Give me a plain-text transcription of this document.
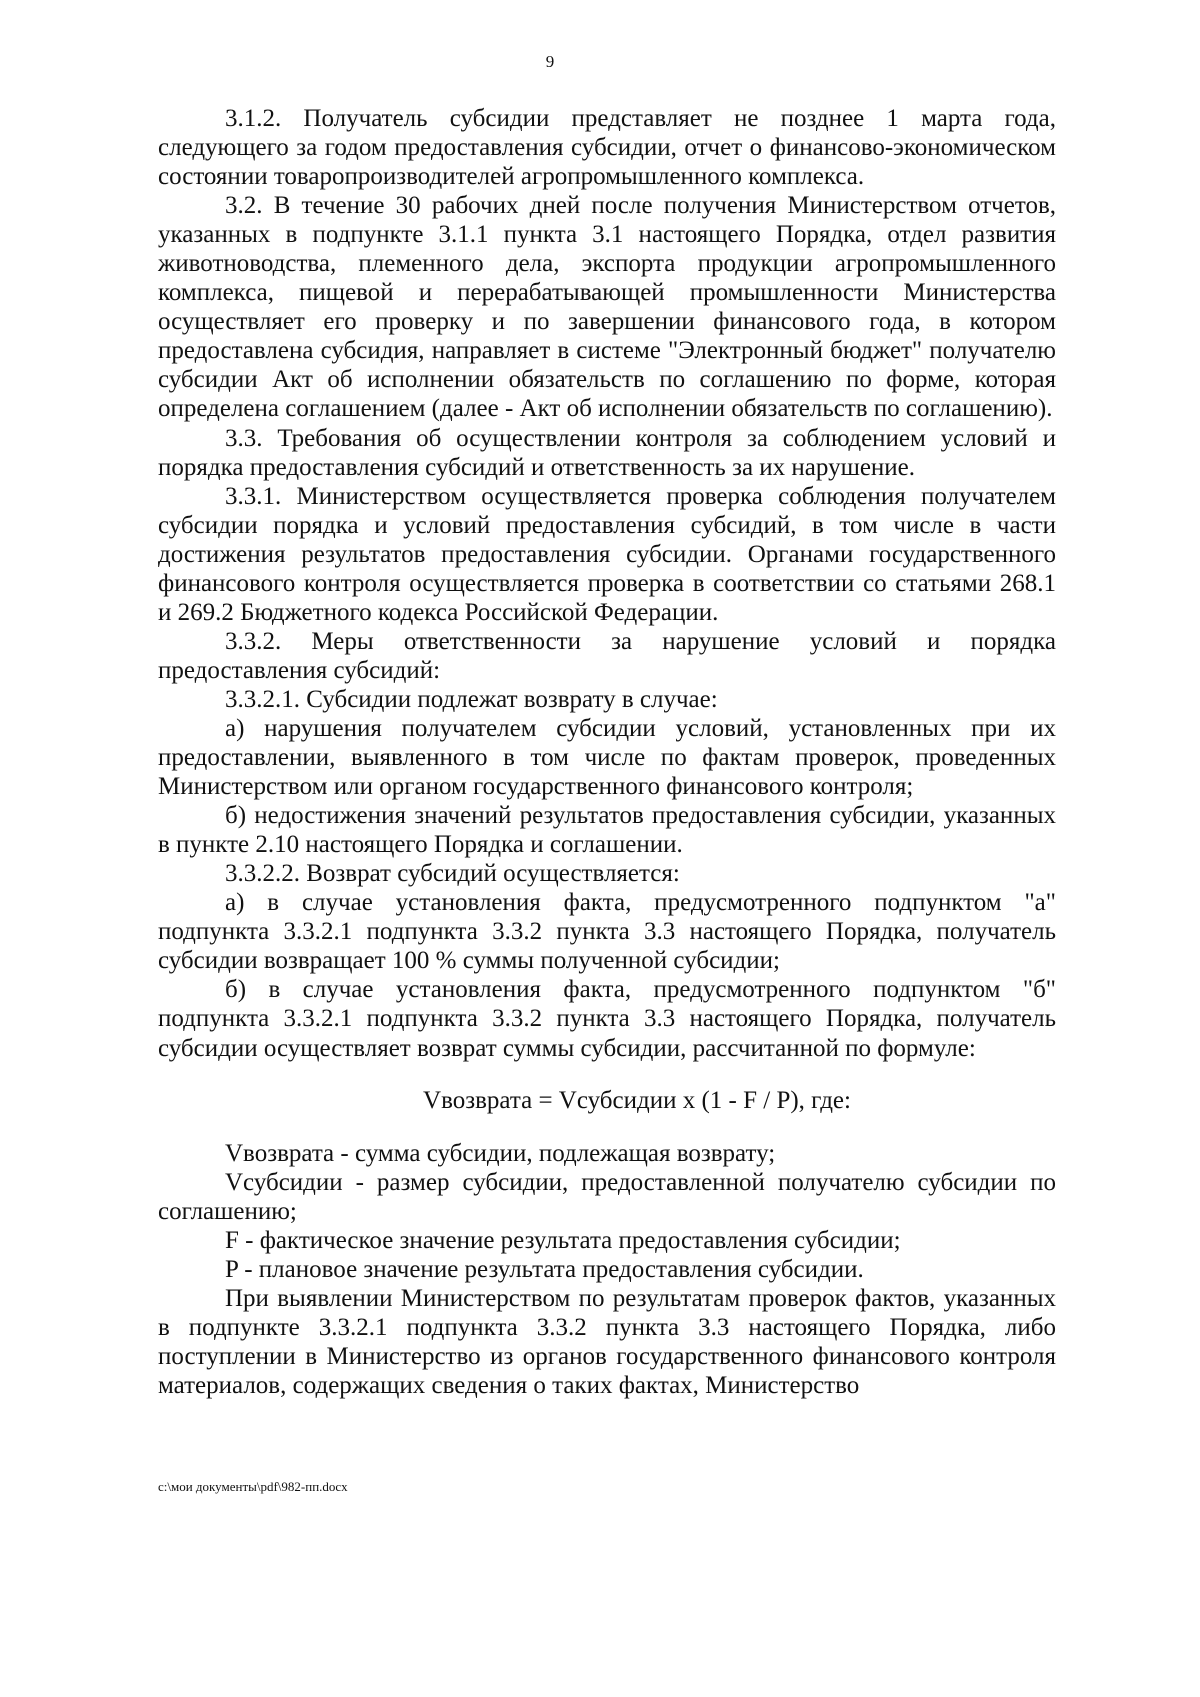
9

3.1.2. Получатель субсидии представляет не позднее 1 марта года, следующего за годом предоставления субсидии, отчет о финансово-экономическом состоянии товаропроизводителей агропромышленного комплекса.

3.2. В течение 30 рабочих дней после получения Министерством отчетов, указанных в подпункте 3.1.1 пункта 3.1 настоящего Порядка, отдел развития животноводства, племенного дела, экспорта продукции агропромышленного комплекса, пищевой и перерабатывающей промышленности Министерства осуществляет его проверку и по завершении финансового года, в котором предоставлена субсидия, направляет в системе "Электронный бюджет" получателю субсидии Акт об исполнении обязательств по соглашению по форме, которая определена соглашением (далее - Акт об исполнении обязательств по соглашению).

3.3. Требования об осуществлении контроля за соблюдением условий и порядка предоставления субсидий и ответственность за их нарушение.

3.3.1. Министерством осуществляется проверка соблюдения получателем субсидии порядка и условий предоставления субсидий, в том числе в части достижения результатов предоставления субсидии. Органами государственного финансового контроля осуществляется проверка в соответствии со статьями 268.1 и 269.2 Бюджетного кодекса Российской Федерации.

3.3.2. Меры ответственности за нарушение условий и порядка предоставления субсидий:

3.3.2.1. Субсидии подлежат возврату в случае:

а) нарушения получателем субсидии условий, установленных при их предоставлении, выявленного в том числе по фактам проверок, проведенных Министерством или органом государственного финансового контроля;

б) недостижения значений результатов предоставления субсидии, указанных в пункте 2.10 настоящего Порядка и соглашении.

3.3.2.2. Возврат субсидий осуществляется:

а) в случае установления факта, предусмотренного подпунктом "а" подпункта 3.3.2.1 подпункта 3.3.2 пункта 3.3 настоящего Порядка, получатель субсидии возвращает 100 % суммы полученной субсидии;

б) в случае установления факта, предусмотренного подпунктом "б" подпункта 3.3.2.1 подпункта 3.3.2 пункта 3.3 настоящего Порядка, получатель субсидии осуществляет возврат суммы субсидии, рассчитанной по формуле:

Vвозврата = Vсубсидии x (1 - F / P), где:

Vвозврата - сумма субсидии, подлежащая возврату;

Vсубсидии - размер субсидии, предоставленной получателю субсидии по соглашению;

F - фактическое значение результата предоставления субсидии;

P - плановое значение результата предоставления субсидии.

При выявлении Министерством по результатам проверок фактов, указанных в подпункте 3.3.2.1 подпункта 3.3.2 пункта 3.3 настоящего Порядка, либо поступлении в Министерство из органов государственного финансового контроля материалов, содержащих сведения о таких фактах, Министерство

c:\мои документы\pdf\982-пп.docx
